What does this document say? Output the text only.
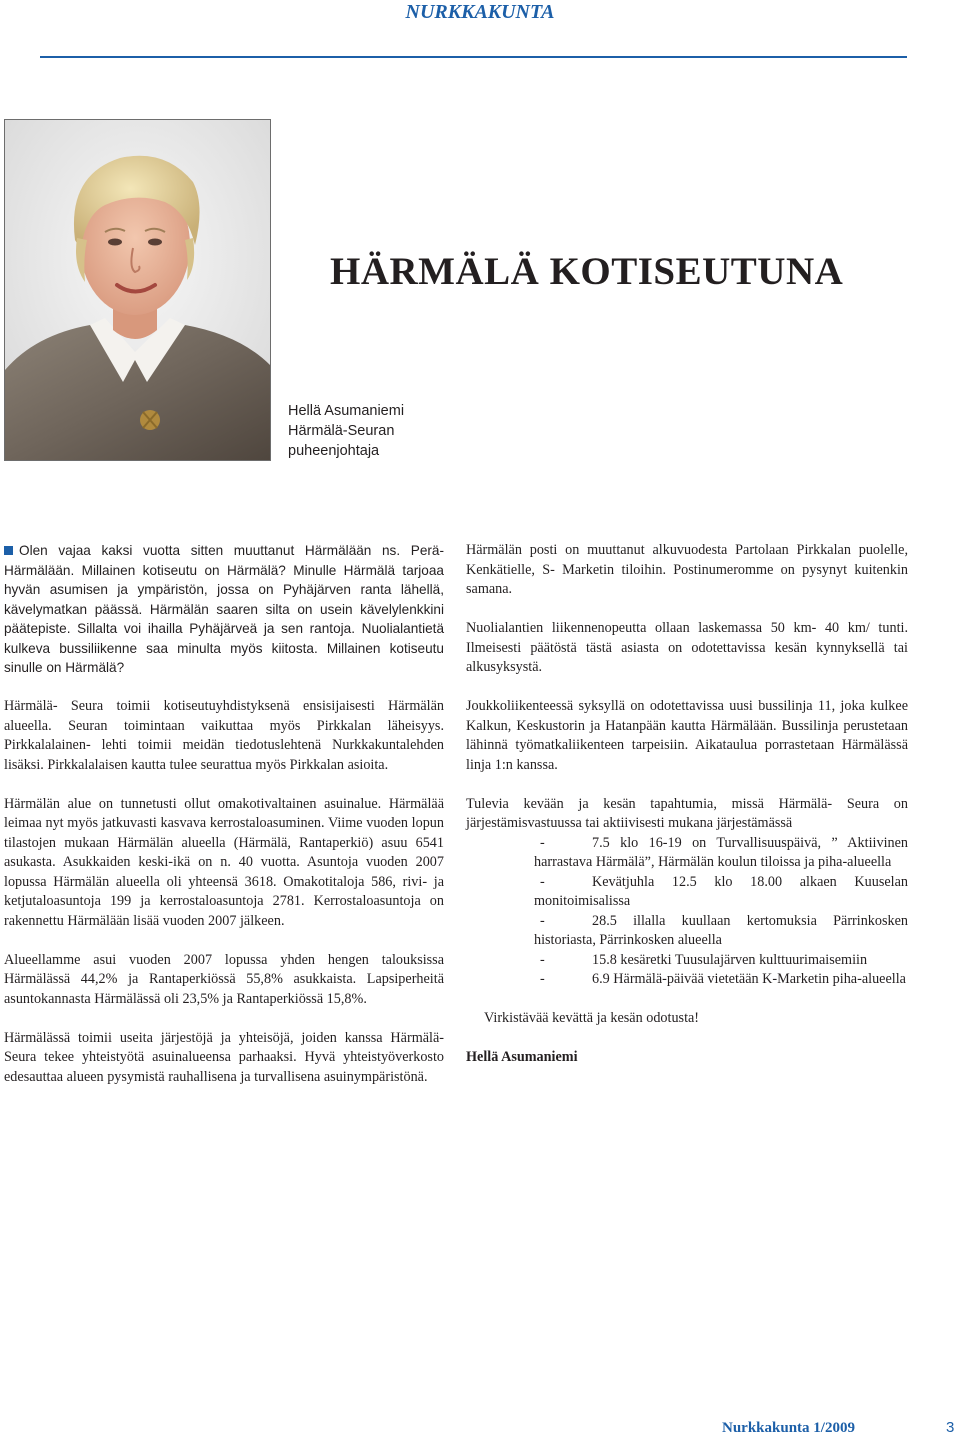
NURKKAKUNTA
HÄRMÄLÄ KOTISEUTUNA
Hellä Asumaniemi
Härmälä-Seuran
puheenjohtaja

Olen vajaa kaksi vuotta sitten muuttanut Härmälään ns. Perä-Härmälään. Millainen kotiseutu on Härmälä? Minulle Härmälä tarjoaa hyvän asumisen ja ympäristön, jossa on Pyhäjärven ranta lähellä, kävelymatkan päässä. Härmälän saaren silta on usein kävelylenkkini päätepiste. Sillalta voi ihailla Pyhäjärveä ja sen rantoja. Nuolialantietä kulkeva bussiliikenne saa minulta myös kiitosta. Millainen kotiseutu sinulle on Härmälä?

Härmälä- Seura toimii kotiseutuyhdistyksenä ensisijaisesti Härmälän alueella. Seuran toimintaan vaikuttaa myös Pirkkalan läheisyys. Pirkkalalainen- lehti toimii meidän tiedotuslehtenä Nurkkakuntalehden lisäksi. Pirkkalalaisen kautta tulee seurattua myös Pirkkalan asioita.

Härmälän alue on tunnetusti ollut omakotivaltainen asuinalue. Härmälää leimaa nyt myös jatkuvasti kasvava kerrostaloasuminen. Viime vuoden lopun tilastojen mukaan Härmälän alueella (Härmälä, Rantaperkiö) asuu 6541 asukasta. Asukkaiden keski-ikä on n. 40 vuotta. Asuntoja vuoden 2007 lopussa Härmälän alueella oli yhteensä 3618. Omakotitaloja 586, rivi- ja ketjutaloasuntoja 199 ja kerrostaloasuntoja 2781. Kerrostaloasuntoja on rakennettu Härmälään lisää vuoden 2007 jälkeen.

Alueellamme asui vuoden 2007 lopussa yhden hengen talouksissa Härmälässä 44,2% ja Rantaperkiössä 55,8% asukkaista. Lapsiperheitä asuntokannasta Härmälässä oli 23,5% ja Rantaperkiössä 15,8%.

Härmälässä toimii useita järjestöjä ja yhteisöjä, joiden kanssa Härmälä- Seura tekee yhteistyötä asuinalueensa parhaaksi. Hyvä yhteistyöverkosto edesauttaa alueen pysymistä rauhallisena ja turvallisena asuinympäristönä.

Härmälän posti on muuttanut alkuvuodesta Partolaan Pirkkalan puolelle, Kenkätielle, S- Marketin tiloihin. Postinumeromme on pysynyt kuitenkin samana.

Nuolialantien liikennenopeutta ollaan laskemassa 50 km- 40 km/ tunti. Ilmeisesti päätöstä tästä asiasta on odotettavissa kesän kynnyksellä tai alkusyksystä.

Joukkoliikenteessä syksyllä on odotettavissa uusi bussilinja 11, joka kulkee Kalkun, Keskustorin ja Hatanpään kautta Härmälään. Bussilinja perustetaan lähinnä työmatkaliikenteen tarpeisiin. Aikataulua porrastetaan Härmälässä linja 1:n kanssa.

Tulevia kevään ja kesän tapahtumia, missä Härmälä- Seura on järjestämisvastuussa tai aktiivisesti mukana järjestämässä

-	7.5 klo 16-19 on Turvallisuuspäivä, ” Aktiivinen harrastava Härmälä”, Härmälän koulun tiloissa ja piha-alueella
-	Kevätjuhla 12.5 klo 18.00 alkaen Kuuselan monitoimisalissa
-	28.5 illalla kuullaan kertomuksia Pärrinkosken historiasta, Pärrinkosken alueella
-	15.8 kesäretki Tuusulajärven kulttuurimaisemiin
-	6.9 Härmälä-päivää vietetään K-Marketin piha-alueella

Virkistävää kevättä ja kesän odotusta!

Hellä Asumaniemi

Nurkkakunta 1/2009	3
